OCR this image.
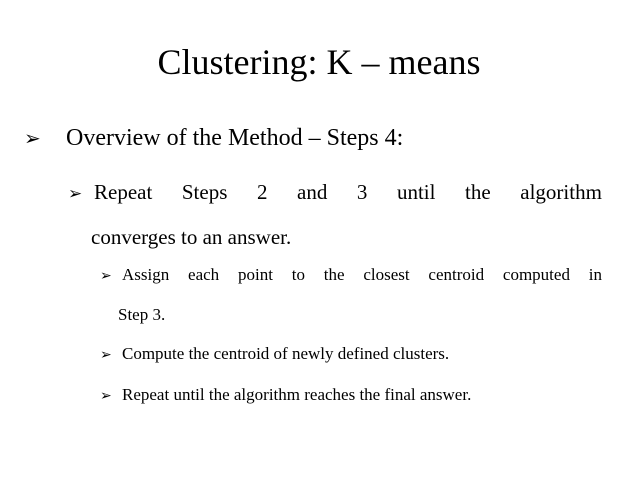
Clustering: K – means
➢	Overview of the Method – Steps 4:
➢ Repeat Steps 2 and 3 until the algorithm
converges to an answer.
➢ Assign each point to the closest centroid computed in
Step 3.
➢ Compute the centroid of newly defined clusters.
➢ Repeat until the algorithm reaches the final answer.
